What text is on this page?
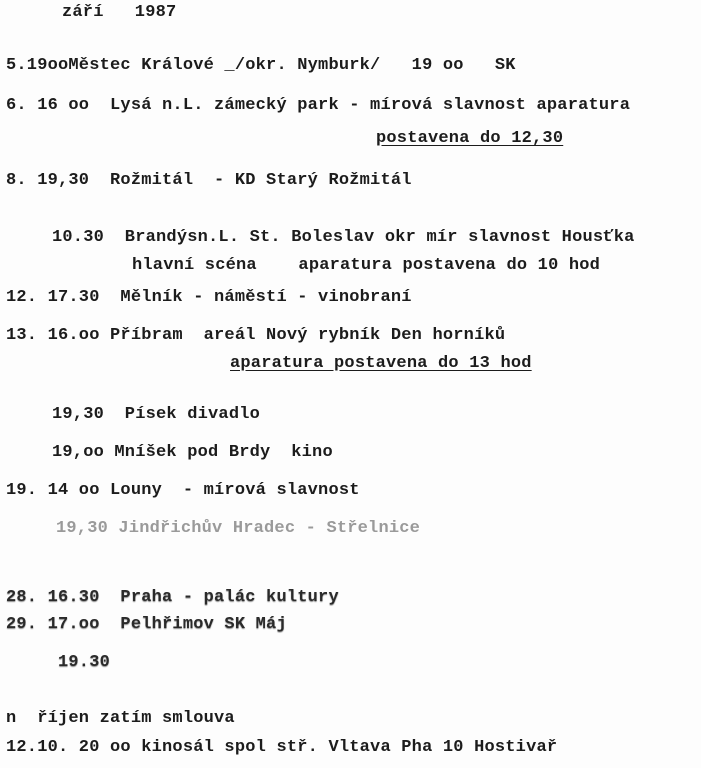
září   1987
5.19ooMěstec Králové _/okr. Nymburk/   19 oo   SK
6. 16 oo  Lysá n.L. zámecký park - mírová slavnost aparatura
postavena do 12,30
8. 19,30  Rožmitál  - KD Starý Rožmitál
10.30  Brandýsn.L. St. Boleslav okr mír slavnost Housťka
hlavní scéna    aparatura postavena do 10 hod
12. 17.30  Mělník - náměstí - vinobraní
13. 16.oo Příbram  areál Nový rybník Den horníků
aparatura postavena do 13 hod
19,30  Písek divadlo
19,oo Mníšek pod Brdy  kino
19. 14 oo Louny  - mírová slavnost
19,30 Jindřichův Hradec - Střelnice
28. 16.30  Praha - palác kultury
29. 17.oo  Pelhřimov SK Máj
19.30
n  říjen zatím smlouva
12.10. 20 oo kinosál spol stř. Vltava Pha 10 Hostivař
